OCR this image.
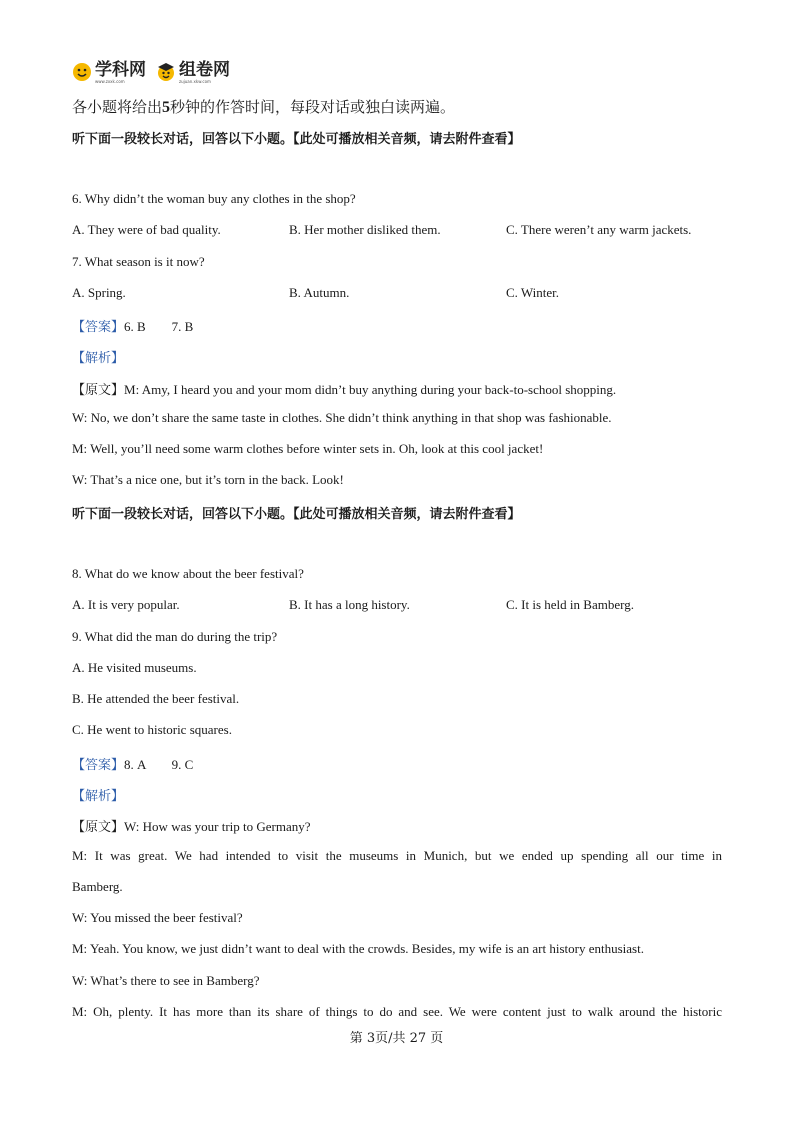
学科网
www.zxxk.com
组卷网
zujuan.xkw.com
各小题将给出5秒钟的作答时间，每段对话或独白读两遍。
听下面一段较长对话，回答以下小题。【此处可播放相关音频，请去附件查看】
6. Why didn’t the woman buy any clothes in the shop?
A. They were of bad quality.	B. Her mother disliked them.	C. There weren’t any warm jackets.
7. What season is it now?
A. Spring.	B. Autumn.	C. Winter.
【答案】6. B        7. B
【解析】
【原文】M: Amy, I heard you and your mom didn’t buy anything during your back-to-school shopping.
W: No, we don’t share the same taste in clothes. She didn’t think anything in that shop was fashionable.
M: Well, you’ll need some warm clothes before winter sets in. Oh, look at this cool jacket!
W: That’s a nice one, but it’s torn in the back. Look!
听下面一段较长对话，回答以下小题。【此处可播放相关音频，请去附件查看】
8. What do we know about the beer festival?
A. It is very popular.	B. It has a long history.	C. It is held in Bamberg.
9. What did the man do during the trip?
A. He visited museums.
B. He attended the beer festival.
C. He went to historic squares.
【答案】8. A        9. C
【解析】
【原文】W: How was your trip to Germany?
M: It was great. We had intended to visit the museums in Munich, but we ended up spending all our time in
Bamberg.
W: You missed the beer festival?
M: Yeah. You know, we just didn’t want to deal with the crowds. Besides, my wife is an art history enthusiast.
W: What’s there to see in Bamberg?
M: Oh, plenty. It has more than its share of things to do and see. We were content just to walk around the historic
第 3页/共 27 页
